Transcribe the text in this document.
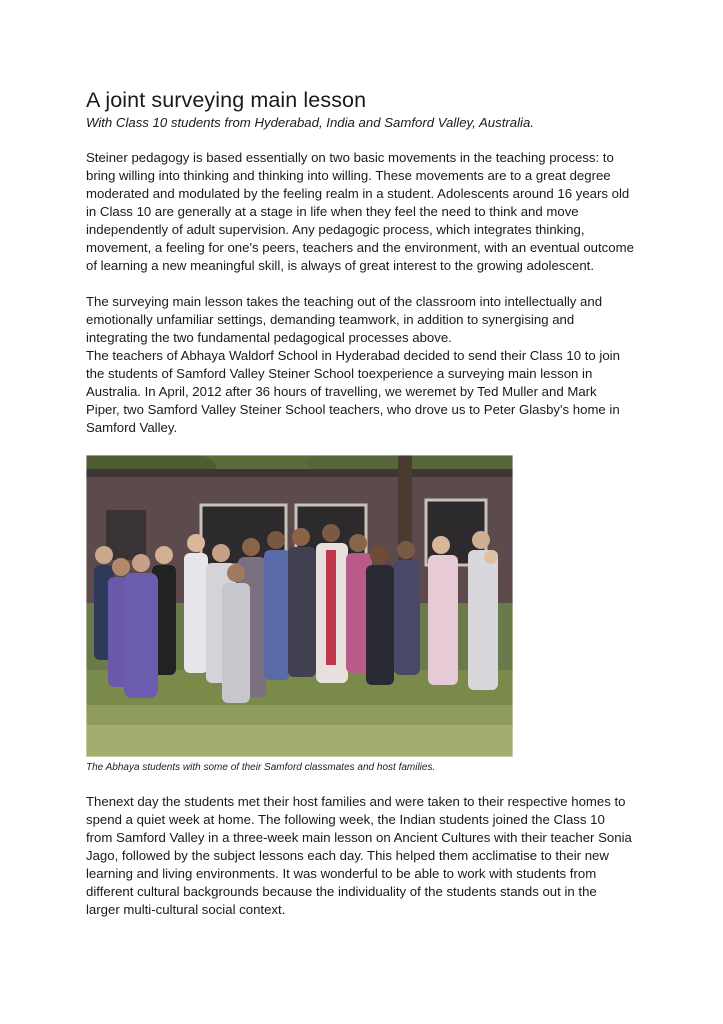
A joint surveying main lesson

With Class 10 students from Hyderabad, India and Samford Valley, Australia.

Steiner pedagogy is based essentially on two basic movements in the teaching process: to bring willing into thinking and thinking into willing. These movements are to a great degree moderated and modulated by the feeling realm in a student. Adolescents around 16 years old in Class 10 are generally at a stage in life when they feel the need to think and move independently of adult supervision. Any pedagogic process, which integrates thinking, movement, a feeling for one's peers, teachers and the environment, with an eventual outcome of learning a new meaningful skill, is always of great interest to the growing adolescent.

The surveying main lesson takes the teaching out of the classroom into intellectually and emotionally unfamiliar settings, demanding teamwork, in addition to synergising and integrating the two fundamental pedagogical processes above.

The teachers of Abhaya Waldorf School in Hyderabad decided to send their Class 10 to join the students of Samford Valley Steiner School toexperience a surveying main lesson in Australia. In April, 2012 after 36 hours of travelling, we weremet by Ted Muller and Mark Piper, two Samford Valley Steiner School teachers, who drove us to Peter Glasby's home in Samford Valley.

The Abhaya students with some of their Samford classmates and host families.

Thenext day the students met their host families and were taken to their respective homes to spend a quiet week at home. The following week, the Indian students joined the Class 10 from Samford Valley in a three-week main lesson on Ancient Cultures with their teacher Sonia Jago, followed by the subject lessons each day. This helped them acclimatise to their new learning and living environments. It was wonderful to be able to work with students from different cultural backgrounds because the individuality of the students stands out in the larger multi-cultural social context.
